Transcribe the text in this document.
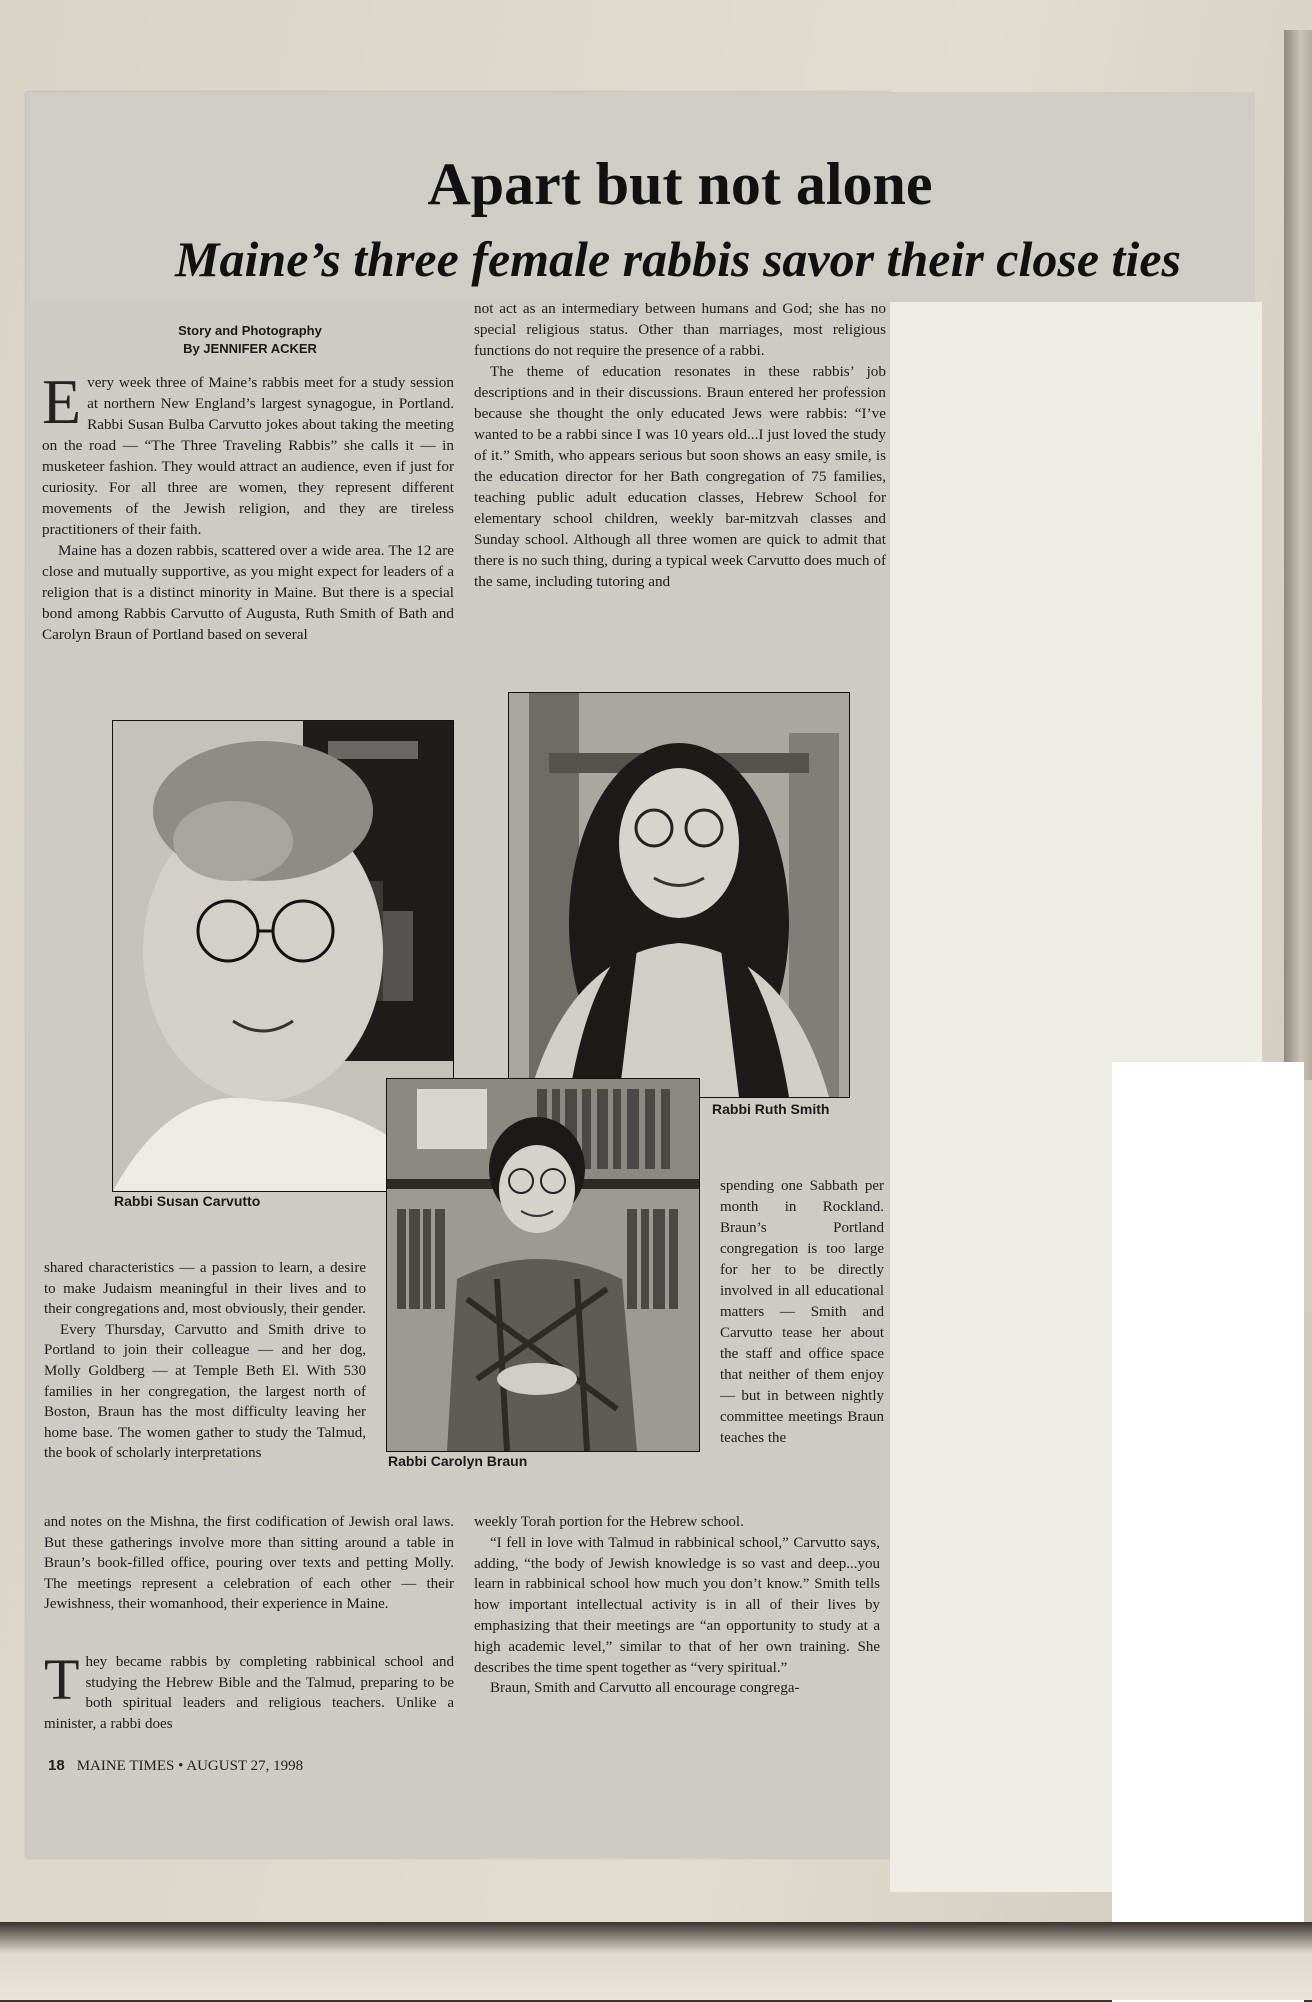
Apart but not alone
Maine’s three female rabbis savor their close ties
Story and Photography
By JENNIFER ACKER

Every week three of Maine’s rabbis meet for a study session at northern New England’s largest synagogue, in Portland. Rabbi Susan Bulba Carvutto jokes about taking the meeting on the road — “The Three Traveling Rabbis” she calls it — in musketeer fashion. They would attract an audience, even if just for curiosity. For all three are women, they represent different movements of the Jewish religion, and they are tireless practitioners of their faith.

Maine has a dozen rabbis, scattered over a wide area. The 12 are close and mutually supportive, as you might expect for leaders of a religion that is a distinct minority in Maine. But there is a special bond among Rabbis Carvutto of Augusta, Ruth Smith of Bath and Carolyn Braun of Portland based on several

not act as an intermediary between humans and God; she has no special religious status. Other than marriages, most religious functions do not require the presence of a rabbi.

The theme of education resonates in these rabbis’ job descriptions and in their discussions. Braun entered her profession because she thought the only educated Jews were rabbis: “I’ve wanted to be a rabbi since I was 10 years old...I just loved the study of it.” Smith, who appears serious but soon shows an easy smile, is the education director for her Bath congregation of 75 families, teaching public adult education classes, Hebrew School for elementary school children, weekly bar-mitzvah classes and Sunday school. Although all three women are quick to admit that there is no such thing, during a typical week Carvutto does much of the same, including tutoring and

Rabbi Susan Carvutto
Rabbi Ruth Smith
Rabbi Carolyn Braun

spending one Sabbath per month in Rockland. Braun’s Portland congregation is too large for her to be directly involved in all educational matters — Smith and Carvutto tease her about the staff and office space that neither of them enjoy — but in between nightly committee meetings Braun teaches the

shared characteristics — a passion to learn, a desire to make Judaism meaningful in their lives and to their congregations and, most obviously, their gender.

Every Thursday, Carvutto and Smith drive to Portland to join their colleague — and her dog, Molly Goldberg — at Temple Beth El. With 530 families in her congregation, the largest north of Boston, Braun has the most difficulty leaving her home base. The women gather to study the Talmud, the book of scholarly interpretations

and notes on the Mishna, the first codification of Jewish oral laws. But these gatherings involve more than sitting around a table in Braun’s book-filled office, pouring over texts and petting Molly. The meetings represent a celebration of each other — their Jewishness, their womanhood, their experience in Maine.

They became rabbis by completing rabbinical school and studying the Hebrew Bible and the Talmud, preparing to be both spiritual leaders and religious teachers. Unlike a minister, a rabbi does

weekly Torah portion for the Hebrew school.

“I fell in love with Talmud in rabbinical school,” Carvutto says, adding, “the body of Jewish knowledge is so vast and deep...you learn in rabbinical school how much you don’t know.” Smith tells how important intellectual activity is in all of their lives by emphasizing that their meetings are “an opportunity to study at a high academic level,” similar to that of her own training. She describes the time spent together as “very spiritual.”

Braun, Smith and Carvutto all encourage congrega-

18 MAINE TIMES • AUGUST 27, 1998
